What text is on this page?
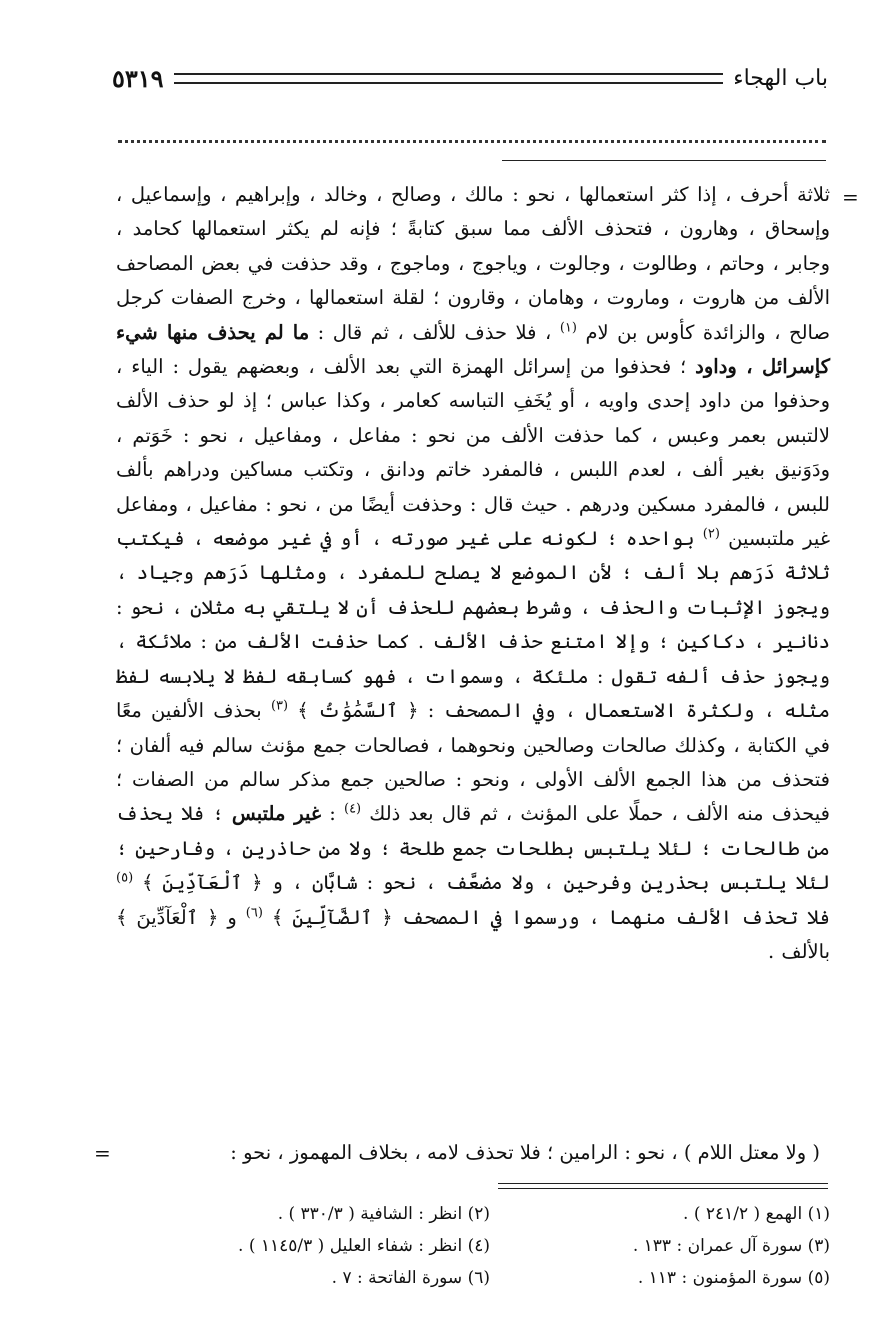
باب الهجاء
٥٣١٩
=
ثلاثة أحرف ، إذا كثر استعمالها ، نحو : مالك ، وصالح ، وخالد ، وإبراهيم ، وإسماعيل ، وإسحاق ، وهارون ، فتحذف الألف مما سبق كتابةً ؛ فإنه لم يكثر استعمالها كحامد ، وجابر ، وحاتم ، وطالوت ، وجالوت ، وياجوج ، وماجوج ، وقد حذفت في بعض المصاحف الألف من هاروت ، وماروت ، وهامان ، وقارون ؛ لقلة استعمالها ، وخرج الصفات كرجل صالح ، والزائدة كأوس بن لام $^{(١)}$ ، فلا حذف للألف ، ثم قال : ما لم يحذف منها شيء كإسرائل ، وداود ؛ فحذفوا من إسرائل الهمزة التي بعد الألف ، وبعضهم يقول : الياء ، وحذفوا من داود إحدى واويه ، أو يُخَفِ التباسه كعامر ، وكذا عباس ؛ إذ لو حذف الألف لالتبس بعمر وعبس ، كما حذفت الألف من نحو : مفاعل ، ومفاعيل ، نحو : خَوَتم ، ودَوَنيق بغير ألف ، لعدم اللبس ، فالمفرد خاتم ودانق ، وتكتب مساكين ودراهم بألف للبس ، فالمفرد مسكين ودرهم . حيث قال : وحذفت أيضًا من ، نحو : مفاعيل ، ومفاعل غير ملتبسين $^{(٢)}$ بواحده ؛ لكونه على غير صورته ، أو في غير موضعه ، فيكتب ثلاثة دَرَهم بلا ألف ؛ لأن الموضع لا يصلح للمفرد ، ومثلها دَرَهم وجياد ، ويجوز الإثبات والحذف ، وشرط بعضهم للحذف أن لا يلتقي به مثلان ، نحو : دنانير ، دكاكين ؛ وإلا امتنع حذف الألف . كما حذفت الألف من : ملائكة ، ويجوز حذف ألفه تقول : ملئكة ، وسموات ، فهو كسابقه لفظ لا يلابسه لفظ مثله ، ولكثرة الاستعمال ، وفي المصحف : ﴿ ٱلسَّمَٰوَٰتُ ﴾ $^{(٣)}$ بحذف الألفين معًا في الكتابة ، وكذلك صالحات وصالحين ونحوهما ، فصالحات جمع مؤنث سالم فيه ألفان ؛ فتحذف من هذا الجمع الألف الأولى ، ونحو : صالحين جمع مذكر سالم من الصفات ؛ فيحذف منه الألف ، حملًا على المؤنث ، ثم قال بعد ذلك $^{(٤)}$ : غير ملتبس ؛ فلا يحذف من طالحات ؛ لئلا يلتبس بطلحات جمع طلحة ؛ ولا من حاذرين ، وفارحين ؛ لئلا يلتبس بحذرين وفرحين ، ولا مضعَّف ، نحو : شابَّان ، و ﴿ ٱلْعَآدِّينَ ﴾ $^{(٥)}$ فلا تحذف الألف منهما ، ورسموا في المصحف ﴿ ٱلضَّآلِّينَ ﴾ $^{(٦)}$ و ﴿ ٱلْعَآدِّينَ ﴾ بالألف .
( ولا معتل اللام ) ، نحو : الرامين ؛ فلا تحذف لامه ، بخلاف المهموز ، نحو :
=
(١) الهمع ( ٢٤١/٢ ) .
(٢) انظر : الشافية ( ٣٣٠/٣ ) .
(٣) سورة آل عمران : ١٣٣ .
(٤) انظر : شفاء العليل ( ١١٤٥/٣ ) .
(٥) سورة المؤمنون : ١١٣ .
(٦) سورة الفاتحة : ٧ .
